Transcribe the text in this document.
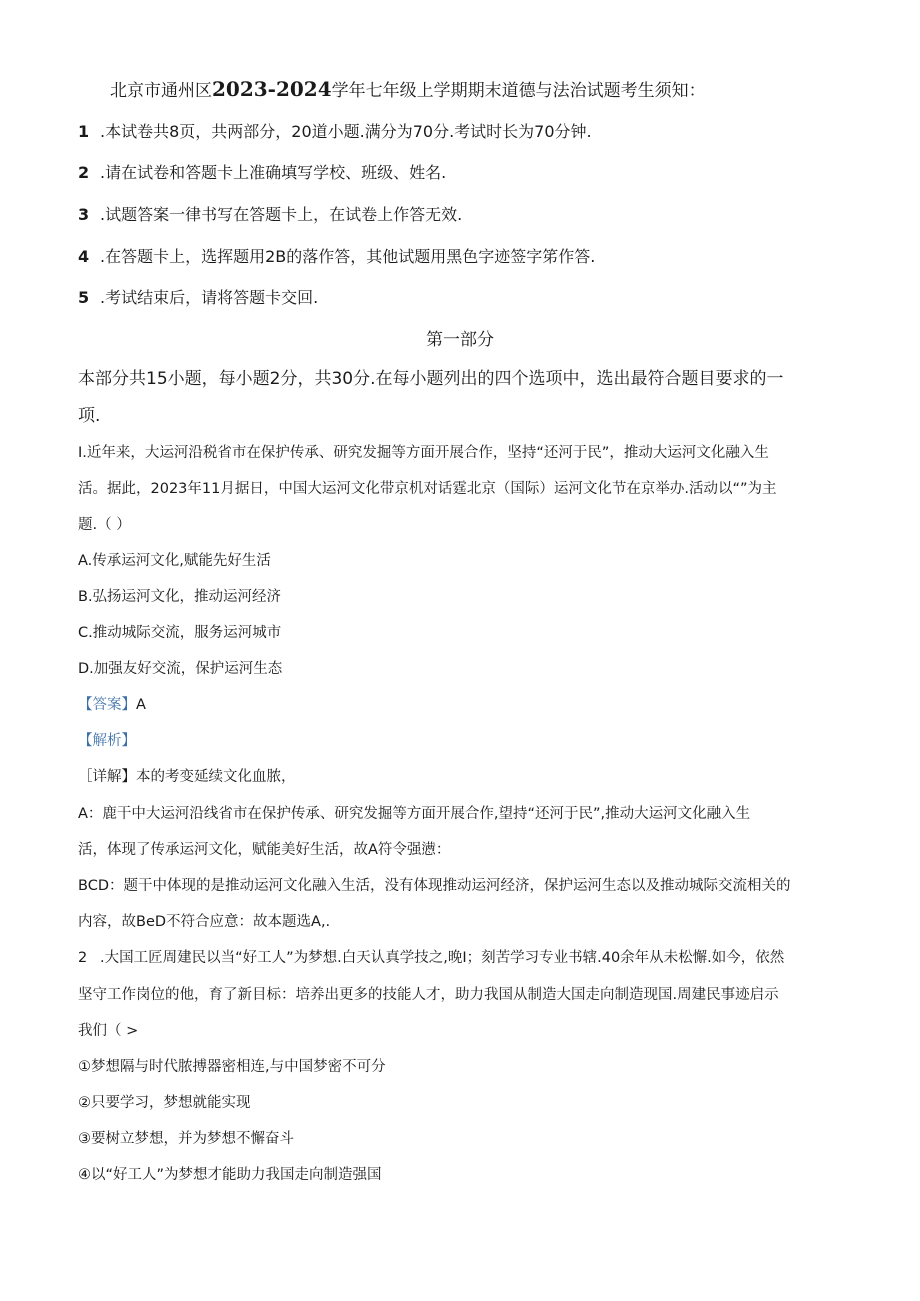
北京市通州区2023-2024学年七年级上学期期末道德与法治试题考生须知：
1 .本试卷共8页，共两部分，20道小题.满分为70分.考试时长为70分钟.
2 .请在试卷和答题卡上准确填写学校、班级、姓名.
3 .试题答案一律书写在答题卡上，在试卷上作答无效.
4 .在答题卡上，选挥题用2B的落作答，其他试题用黑色字迹签字笫作答.
5 .考试结束后，请将答题卡交回.
第一部分
本部分共15小题，每小题2分，共30分.在每小题列出的四个选项中，选出最符合题目要求的一
项.
I.近年来，大运河沿税省市在保护传承、研究发掘等方面开展合作，坚持“还河于民”，推动大运河文化融入生
活。据此，2023年11月据日，中国大运河文化带京机对话霆北京（国际）运河文化节在京举办.活动以“”为主
题.（ ）
A.传承运河文化,赋能先好生活
B.弘扬运河文化，推动运河经济
C.推动城际交流，服务运河城市
D.加强友好交流，保护运河生态
【答案】A
【解析】
［详解】本的考变延续文化血脓，
A：鹿干中大运河沿线省市在保护传承、研究发掘等方面开展合作,望持“还河于民”,推动大运河文化融入生
活，体现了传承运河文化，赋能美好生活，故A符令强懑：
BCD：题干中体现的是推动运河文化融入生活，没有体现推动运河经济，保护运河生态以及推动城际交流相关的
内容，故BeD不符合应意：故本题选A,.
2 .大国工匠周建民以当“好工人”为梦想.白天认真学技之,晚I；刻苦学习专业书辖.40余年从未松懈.如今，依然
坚守工作岗位的他，育了新目标：培养出更多的技能人才，助力我国从制造大国走向制造现国.周建民事迹启示
我们（ >
①梦想隔与时代脓搏器密相连,与中国梦密不可分
②只要学习，梦想就能实现
③要树立梦想，并为梦想不懈奋斗
④以“好工人”为梦想才能助力我国走向制造强国
